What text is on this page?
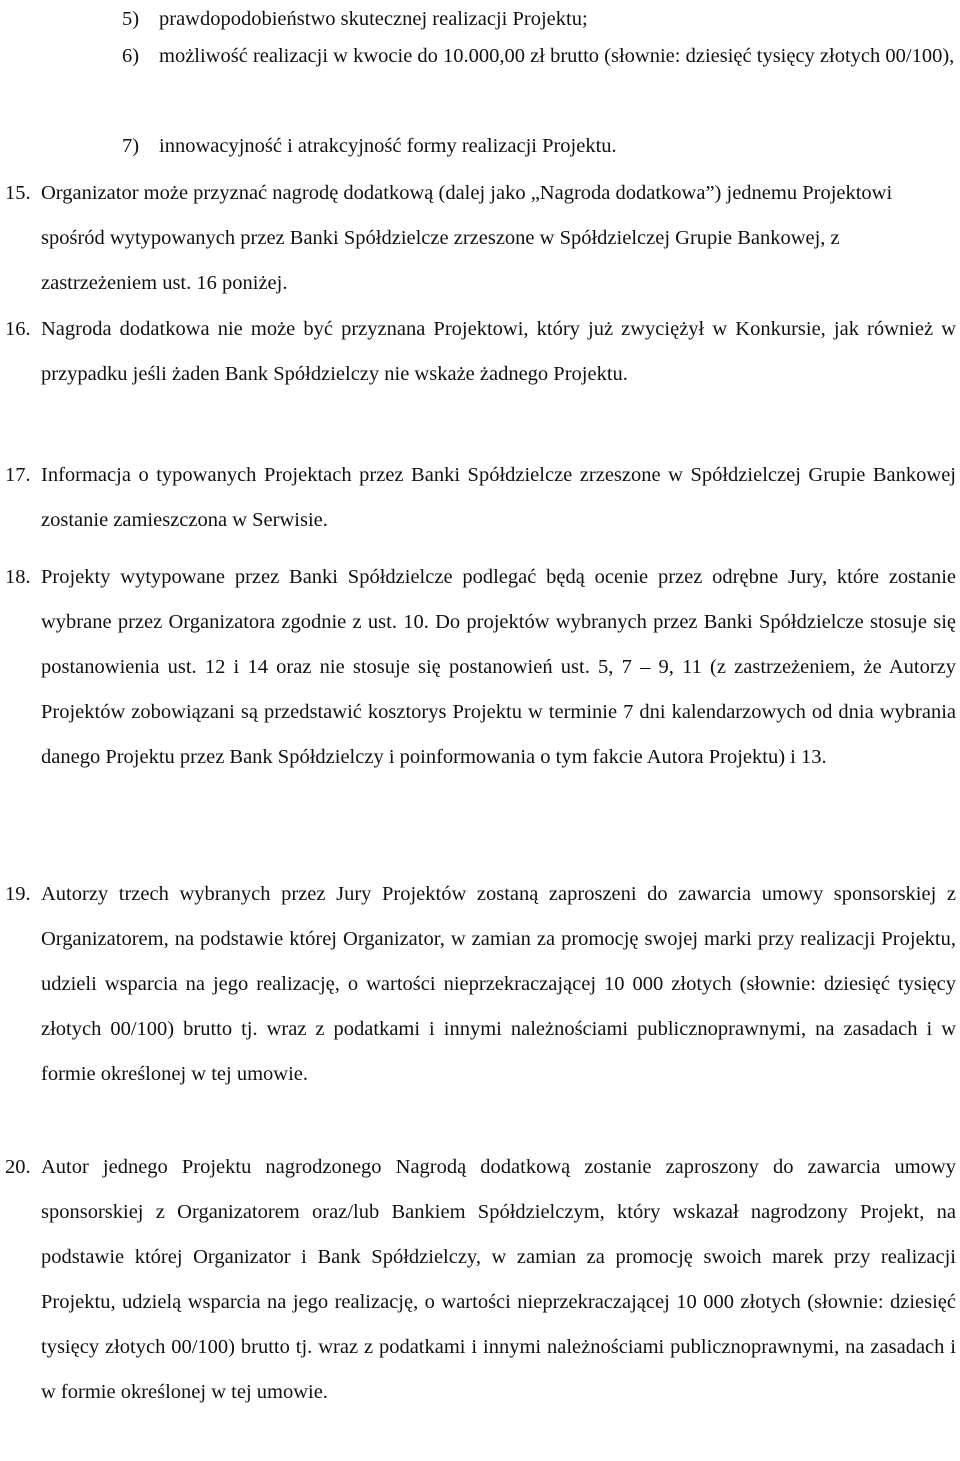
5) prawdopodobieństwo skutecznej realizacji Projektu;
6) możliwość realizacji w kwocie do 10.000,00 zł brutto (słownie: dziesięć tysięcy złotych 00/100),
7) innowacyjność i atrakcyjność formy realizacji Projektu.
15. Organizator może przyznać nagrodę dodatkową (dalej jako „Nagroda dodatkowa”) jednemu Projektowi spośród wytypowanych przez Banki Spółdzielcze zrzeszone w Spółdzielczej Grupie Bankowej, z zastrzeżeniem ust. 16 poniżej.
16. Nagroda dodatkowa nie może być przyznana Projektowi, który już zwyciężył w Konkursie, jak również w przypadku jeśli żaden Bank Spółdzielczy nie wskaże żadnego Projektu.
17. Informacja o typowanych Projektach przez Banki Spółdzielcze zrzeszone w Spółdzielczej Grupie Bankowej zostanie zamieszczona w Serwisie.
18. Projekty wytypowane przez Banki Spółdzielcze podlegać będą ocenie przez odrębne Jury, które zostanie wybrane przez Organizatora zgodnie z ust. 10. Do projektów wybranych przez Banki Spółdzielcze stosuje się postanowienia ust. 12 i 14 oraz nie stosuje się postanowień ust. 5, 7 – 9, 11 (z zastrzeżeniem, że Autorzy Projektów zobowiązani są przedstawić kosztorys Projektu w terminie 7 dni kalendarzowych od dnia wybrania danego Projektu przez Bank Spółdzielczy i poinformowania o tym fakcie Autora Projektu) i 13.
19. Autorzy trzech wybranych przez Jury Projektów zostaną zaproszeni do zawarcia umowy sponsorskiej z Organizatorem, na podstawie której Organizator, w zamian za promocję swojej marki przy realizacji Projektu, udzieli wsparcia na jego realizację, o wartości nieprzekraczającej 10 000 złotych (słownie: dziesięć tysięcy złotych 00/100) brutto tj. wraz z podatkami i innymi należnościami publicznoprawnymi, na zasadach i w formie określonej w tej umowie.
20. Autor jednego Projektu nagrodzonego Nagrodą dodatkową zostanie zaproszony do zawarcia umowy sponsorskiej z Organizatorem oraz/lub Bankiem Spółdzielczym, który wskazał nagrodzony Projekt, na podstawie której Organizator i Bank Spółdzielczy, w zamian za promocję swoich marek przy realizacji Projektu, udzielą wsparcia na jego realizację, o wartości nieprzekraczającej 10 000 złotych (słownie: dziesięć tysięcy złotych 00/100) brutto tj. wraz z podatkami i innymi należnościami publicznoprawnymi, na zasadach i w formie określonej w tej umowie.
